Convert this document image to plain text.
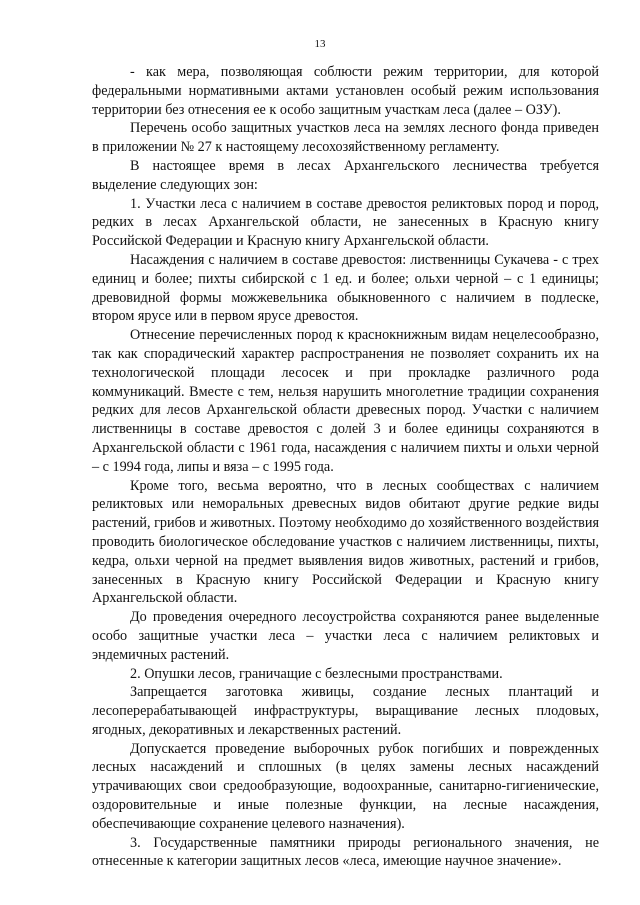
13

- как мера, позволяющая соблюсти режим территории, для которой федеральными нормативными актами установлен особый режим использования территории без отнесения ее к особо защитным участкам леса (далее – ОЗУ).

Перечень особо защитных участков леса на землях лесного фонда приведен в приложении № 27 к настоящему лесохозяйственному регламенту.

В настоящее время в лесах Архангельского лесничества требуется выделение следующих зон:

1. Участки леса с наличием в составе древостоя реликтовых пород и пород, редких в лесах Архангельской области, не занесенных в Красную книгу Российской Федерации и Красную книгу Архангельской области.

Насаждения с наличием в составе древостоя: лиственницы Сукачева - с трех единиц и более; пихты сибирской с 1 ед. и более; ольхи черной – с 1 единицы; древовидной формы можжевельника обыкновенного с наличием в подлеске, втором ярусе или в первом ярусе древостоя.

Отнесение перечисленных пород к краснокнижным видам нецелесообразно, так как спорадический характер распространения не позволяет сохранить их на технологической площади лесосек и при прокладке различного рода коммуникаций. Вместе с тем, нельзя нарушить многолетние традиции сохранения редких для лесов Архангельской области древесных пород. Участки с наличием лиственницы в составе древостоя с долей 3 и более единицы сохраняются в Архангельской области с 1961 года, насаждения с наличием пихты и ольхи черной – с 1994 года, липы и вяза – с 1995 года.

Кроме того, весьма вероятно, что в лесных сообществах с наличием реликтовых или неморальных древесных видов обитают другие редкие виды растений, грибов и животных. Поэтому необходимо до хозяйственного воздействия проводить биологическое обследование участков с наличием лиственницы, пихты, кедра, ольхи черной на предмет выявления видов животных, растений и грибов, занесенных в Красную книгу Российской Федерации и Красную книгу Архангельской области.

До проведения очередного лесоустройства сохраняются ранее выделенные особо защитные участки леса – участки леса с наличием реликтовых и эндемичных растений.

2. Опушки лесов, граничащие с безлесными пространствами.

Запрещается заготовка живицы, создание лесных плантаций и лесоперерабатывающей инфраструктуры, выращивание лесных плодовых, ягодных, декоративных и лекарственных растений.

Допускается проведение выборочных рубок погибших и поврежденных лесных насаждений и сплошных (в целях замены лесных насаждений утрачивающих свои средообразующие, водоохранные, санитарно-гигиенические, оздоровительные и иные полезные функции, на лесные насаждения, обеспечивающие сохранение целевого назначения).

3. Государственные памятники природы регионального значения, не отнесенные к категории защитных лесов «леса, имеющие научное значение».
